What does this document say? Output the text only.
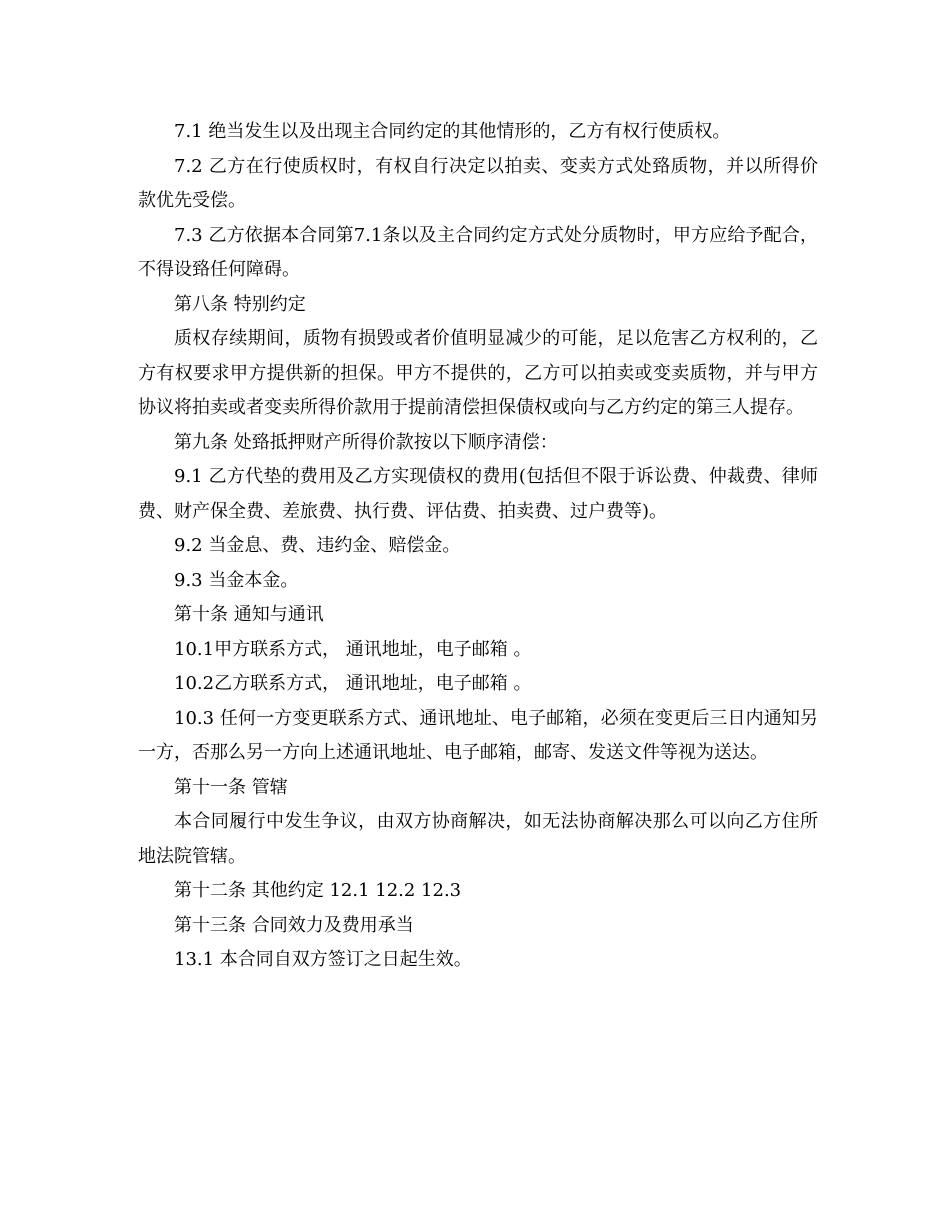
7.1 绝当发生以及出现主合同约定的其他情形的，乙方有权行使质权。

7.2 乙方在行使质权时，有权自行决定以拍卖、变卖方式处臵质物，并以所得价款优先受偿。

7.3 乙方依据本合同第7.1条以及主合同约定方式处分质物时，甲方应给予配合，不得设臵任何障碍。

第八条 特别约定

质权存续期间，质物有损毁或者价值明显减少的可能，足以危害乙方权利的，乙方有权要求甲方提供新的担保。甲方不提供的，乙方可以拍卖或变卖质物，并与甲方协议将拍卖或者变卖所得价款用于提前清偿担保债权或向与乙方约定的第三人提存。

第九条 处臵抵押财产所得价款按以下顺序清偿：

9.1 乙方代垫的费用及乙方实现债权的费用(包括但不限于诉讼费、仲裁费、律师费、财产保全费、差旅费、执行费、评估费、拍卖费、过户费等)。

9.2 当金息、费、违约金、赔偿金。

9.3 当金本金。

第十条 通知与通讯

10.1甲方联系方式， 通讯地址，电子邮箱 。

10.2乙方联系方式， 通讯地址，电子邮箱 。

10.3 任何一方变更联系方式、通讯地址、电子邮箱，必须在变更后三日内通知另一方，否那么另一方向上述通讯地址、电子邮箱，邮寄、发送文件等视为送达。

第十一条 管辖

本合同履行中发生争议，由双方协商解决，如无法协商解决那么可以向乙方住所地法院管辖。

第十二条 其他约定 12.1 12.2 12.3

第十三条 合同效力及费用承当

13.1 本合同自双方签订之日起生效。
